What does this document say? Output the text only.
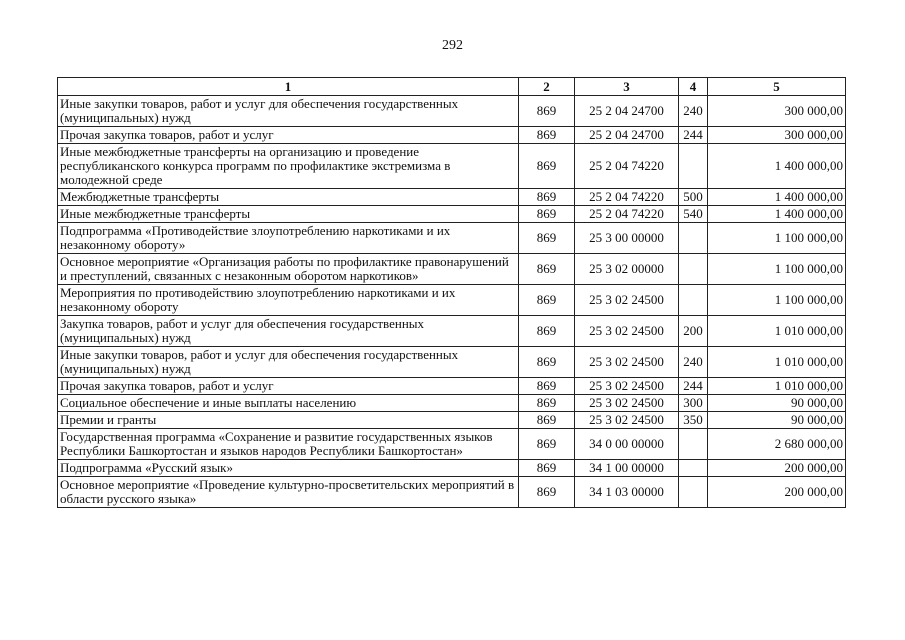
292
1	2	3	4	5
Иные закупки товаров, работ и услуг для обеспечения государственных (муниципальных) нужд	869	25 2 04 24700	240	300 000,00
Прочая закупка товаров, работ и услуг	869	25 2 04 24700	244	300 000,00
Иные межбюджетные трансферты на организацию и проведение республиканского конкурса программ по профилактике экстремизма в молодежной среде	869	25 2 04 74220		1 400 000,00
Межбюджетные трансферты	869	25 2 04 74220	500	1 400 000,00
Иные межбюджетные трансферты	869	25 2 04 74220	540	1 400 000,00
Подпрограмма «Противодействие злоупотреблению наркотиками и их незаконному обороту»	869	25 3 00 00000		1 100 000,00
Основное мероприятие «Организация работы по профилактике правонарушений и преступлений, связанных с незаконным оборотом наркотиков»	869	25 3 02 00000		1 100 000,00
Мероприятия по противодействию злоупотреблению наркотиками и их незаконному обороту	869	25 3 02 24500		1 100 000,00
Закупка товаров, работ и услуг для обеспечения государственных (муниципальных) нужд	869	25 3 02 24500	200	1 010 000,00
Иные закупки товаров, работ и услуг для обеспечения государственных (муниципальных) нужд	869	25 3 02 24500	240	1 010 000,00
Прочая закупка товаров, работ и услуг	869	25 3 02 24500	244	1 010 000,00
Социальное обеспечение и иные выплаты населению	869	25 3 02 24500	300	90 000,00
Премии и гранты	869	25 3 02 24500	350	90 000,00
Государственная программа «Сохранение и развитие государственных языков Республики Башкортостан и языков народов Республики Башкортостан»	869	34 0 00 00000		2 680 000,00
Подпрограмма «Русский язык»	869	34 1 00 00000		200 000,00
Основное мероприятие «Проведение культурно-просветительских мероприятий в области русского языка»	869	34 1 03 00000		200 000,00
